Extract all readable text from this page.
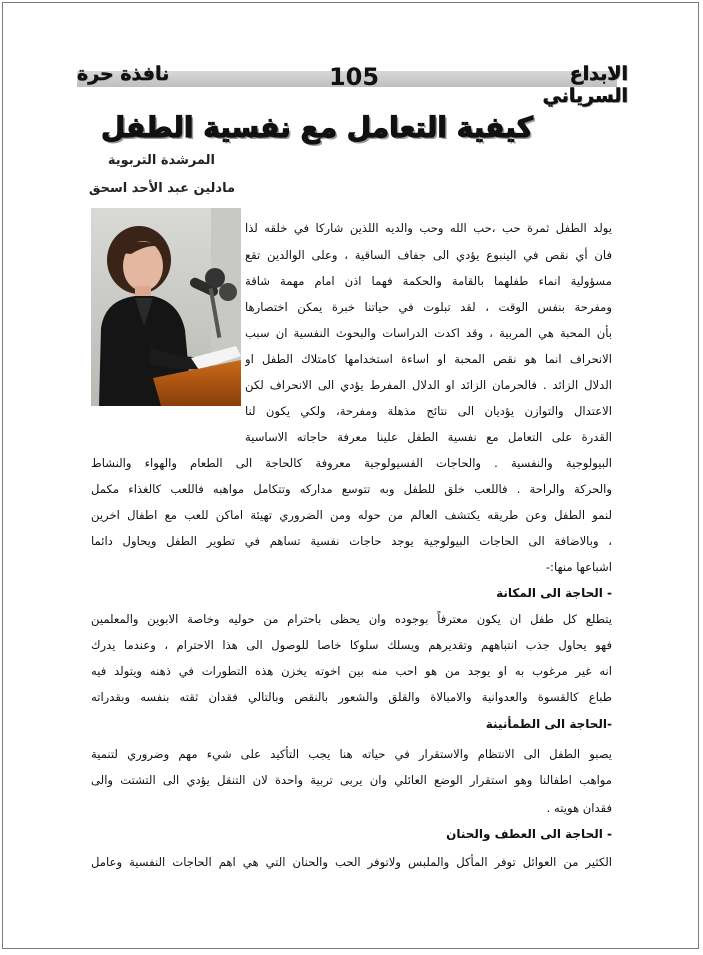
الابداع السرياني
105
نافذة حرة
كيفية التعامل مع نفسية الطفل
المرشدة التربوية
مادلين عبد الأحد اسحق
يولد الطفل ثمرة حب ،حب الله وحب والديه اللذين شاركا في خلقه لذا
فان أي نقص في الينبوع يؤدي الى جفاف الساقية ، وعلى الوالدين تقع
مسؤولية انماء طفلهما بالقامة والحكمة فهما اذن امام مهمة شاقة
ومفرحة بنفس الوقت ، لقد تبلوت في حياتنا خبرة يمكن اختصارها
بأن المحبة هي المربية ، وقد اكدت الدراسات والبحوث النفسية ان سبب
الانحراف انما هو نقص المحبة او اساءة استخدامها كامتلاك الطفل او
الدلال الزائد . فالحرمان الزائد او الدلال المفرط يؤدي الى الانحراف لكن
الاعتدال والتوازن يؤديان الى نتائج مذهلة ومفرحة، ولكي يكون لنا
القدرة على التعامل مع نفسية الطفل علينا معرفة حاجاته الاساسية
البيولوجية والنفسية . والحاجات الفسيولوجية معروفة كالحاجة الى الطعام والهواء والنشاط
والحركة والراحة . فاللعب خلق للطفل وبه تتوسع مداركه وتتكامل مواهبه فاللعب كالغذاء مكمل
لنمو الطفل وعن طريقه يكتشف العالم من حوله ومن الضروري تهيئة اماكن للعب مع اطفال اخرين
، وبالاضافة الى الحاجات البيولوجية يوجد حاجات نفسية تساهم في تطوير الطفل ويحاول دائما
اشباعها منها:-
- الحاجة الى المكانة
يتطلع كل طفل ان يكون معترفاً بوجوده وان يحظى باحترام من حوليه وخاصة الابوين والمعلمين
فهو يحاول جذب انتباههم وتقديرهم ويسلك سلوكا خاصا للوصول الى هذا الاحترام ، وعندما يدرك
انه غير مرغوب به او يوجد من هو احب منه بين اخوته يخزن هذه التطورات في ذهنه ويتولد فيه
طباع كالقسوة والعدوانية والامبالاة والقلق والشعور بالنقص وبالتالي فقدان ثقته بنفسه وبقدراته
-الحاجة الى الطمأنينة
يصبو الطفل الى الانتظام والاستقرار في حياته هنا يجب التأكيد على شيء مهم وضروري لتنمية
مواهب اطفالنا وهو استقرار الوضع العائلي وان يربى تربية واحدة لان التنقل يؤدي الى التشتت والى
فقدان هويته .
- الحاجة الى العطف والحنان
الكثير من العوائل توفر المأكل والملبس ولاتوفر الحب والحنان التي هي اهم الحاجات النفسية وعامل
